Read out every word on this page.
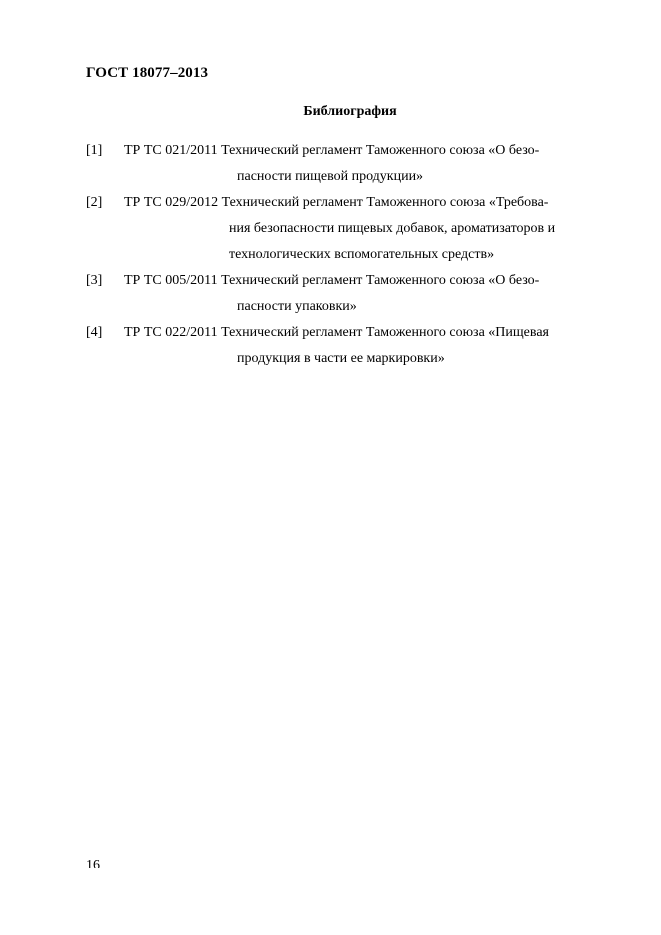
ГОСТ 18077–2013
Библиография
[1] ТР ТС 021/2011 Технический регламент Таможенного союза «О безо-
пасности пищевой продукции»
[2] ТР ТС 029/2012 Технический регламент Таможенного союза «Требова-
ния безопасности пищевых добавок, ароматизаторов и
технологических вспомогательных средств»
[3] ТР ТС 005/2011 Технический регламент Таможенного союза «О безо-
пасности упаковки»
[4] ТР ТС 022/2011 Технический регламент Таможенного союза «Пищевая
продукция в части ее маркировки»
16
